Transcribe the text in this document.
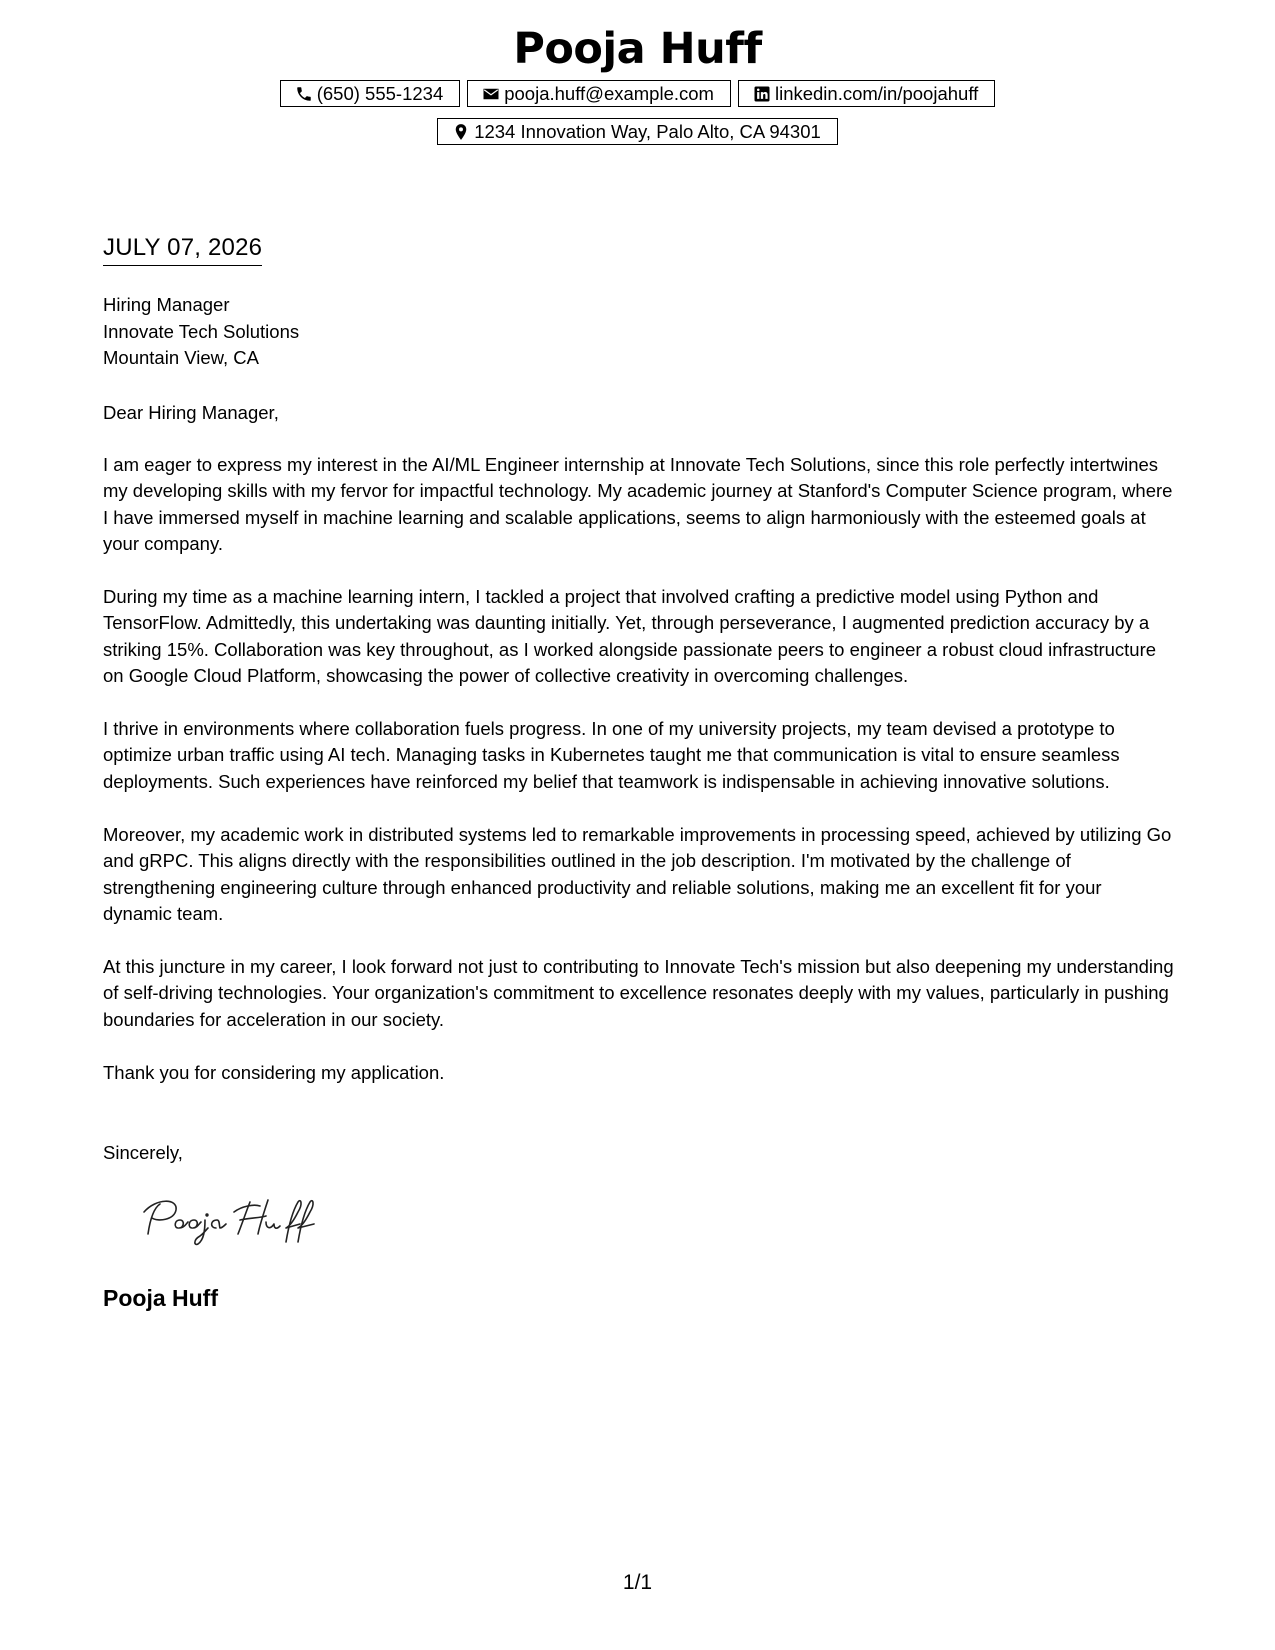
Pooja Huff
(650) 555-1234	pooja.huff@example.com	linkedin.com/in/poojahuff
1234 Innovation Way, Palo Alto, CA 94301
JULY 07, 2026
Hiring Manager
Innovate Tech Solutions
Mountain View, CA
Dear Hiring Manager,
I am eager to express my interest in the AI/ML Engineer internship at Innovate Tech Solutions, since this role perfectly intertwines my developing skills with my fervor for impactful technology. My academic journey at Stanford's Computer Science program, where I have immersed myself in machine learning and scalable applications, seems to align harmoniously with the esteemed goals at your company.
During my time as a machine learning intern, I tackled a project that involved crafting a predictive model using Python and TensorFlow. Admittedly, this undertaking was daunting initially. Yet, through perseverance, I augmented prediction accuracy by a striking 15%. Collaboration was key throughout, as I worked alongside passionate peers to engineer a robust cloud infrastructure on Google Cloud Platform, showcasing the power of collective creativity in overcoming challenges.
I thrive in environments where collaboration fuels progress. In one of my university projects, my team devised a prototype to optimize urban traffic using AI tech. Managing tasks in Kubernetes taught me that communication is vital to ensure seamless deployments. Such experiences have reinforced my belief that teamwork is indispensable in achieving innovative solutions.
Moreover, my academic work in distributed systems led to remarkable improvements in processing speed, achieved by utilizing Go and gRPC. This aligns directly with the responsibilities outlined in the job description. I'm motivated by the challenge of strengthening engineering culture through enhanced productivity and reliable solutions, making me an excellent fit for your dynamic team.
At this juncture in my career, I look forward not just to contributing to Innovate Tech's mission but also deepening my understanding of self-driving technologies. Your organization's commitment to excellence resonates deeply with my values, particularly in pushing boundaries for acceleration in our society.
Thank you for considering my application.
Sincerely,
Pooja Huff
1/1
